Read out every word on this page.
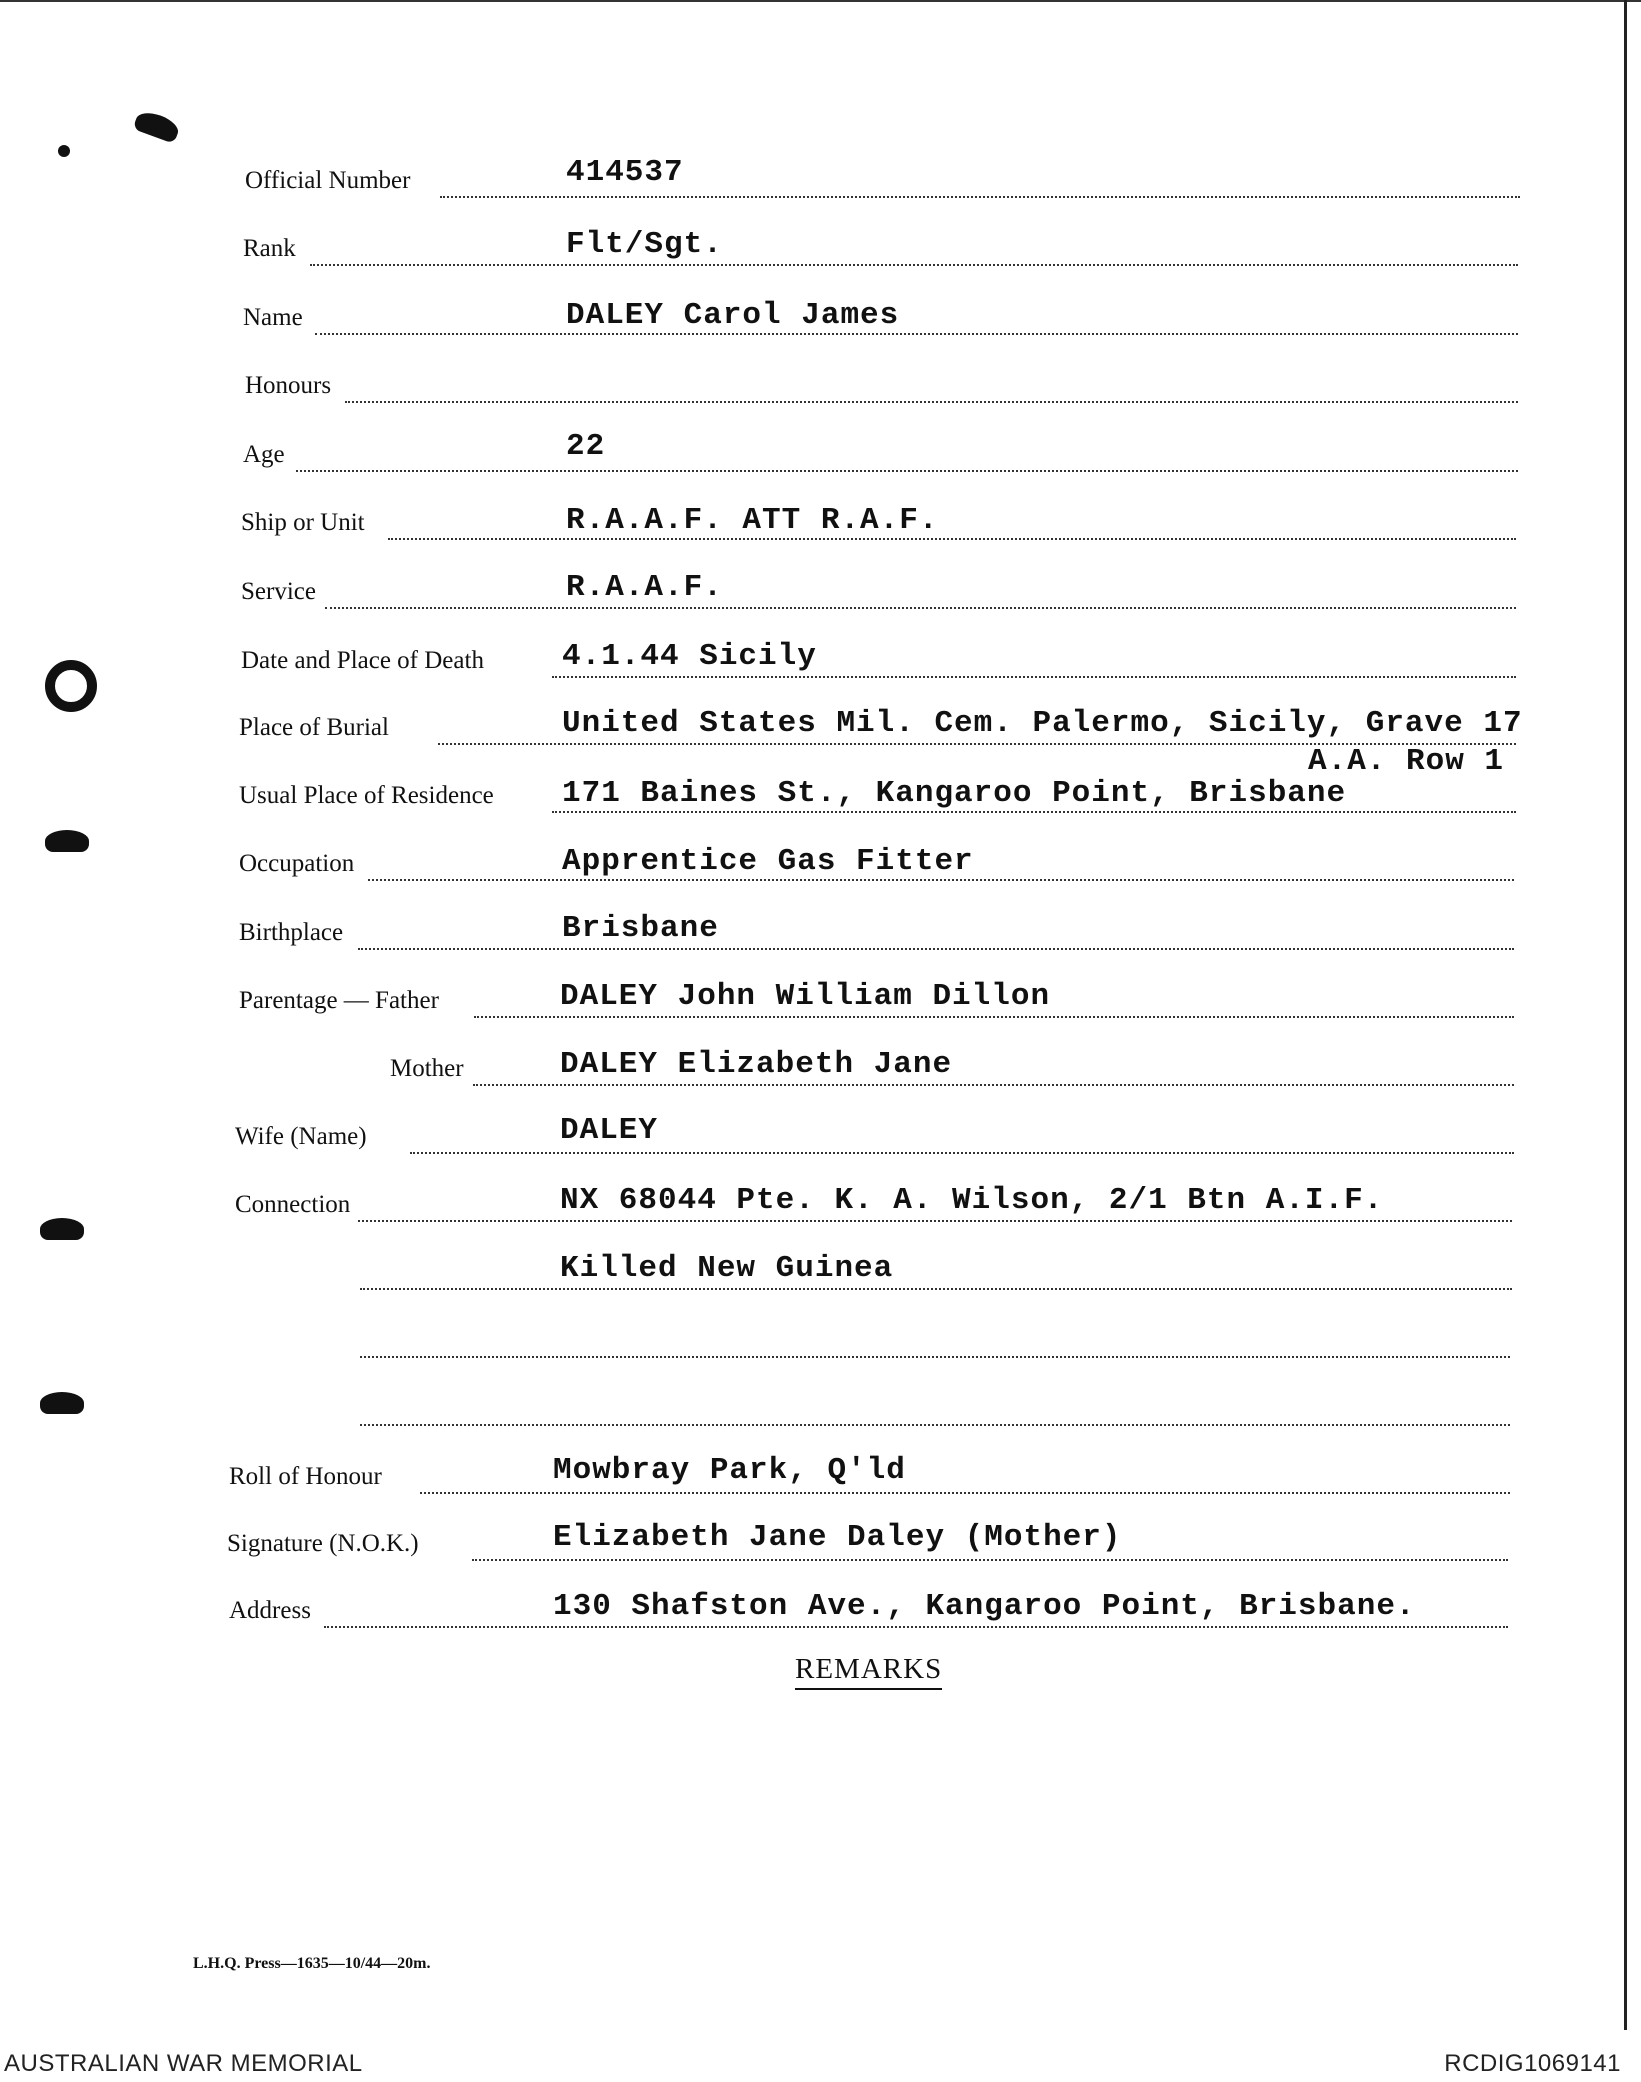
Official Number	414537
Rank	Flt/Sgt.
Name	DALEY Carol James
Honours
Age	22
Ship or Unit	R.A.A.F. ATT R.A.F.
Service	R.A.A.F.
Date and Place of Death	4.1.44 Sicily
Place of Burial	United States Mil. Cem. Palermo, Sicily, Grave 17
A.A. Row 1
Usual Place of Residence 171 Baines St., Kangaroo Point, Brisbane
Occupation	Apprentice Gas Fitter
Birthplace	Brisbane
Parentage — Father	DALEY John William Dillon
Mother	DALEY Elizabeth Jane
Wife (Name)	DALEY
Connection	NX 68044 Pte. K. A. Wilson, 2/1 Btn A.I.F.
Killed New Guinea
Roll of Honour	Mowbray Park, Q'ld
Signature (N.O.K.)	Elizabeth Jane Daley (Mother)
Address	130 Shafston Ave., Kangaroo Point, Brisbane.
REMARKS
L.H.Q. Press—1635—10/44—20m.
AUSTRALIAN WAR MEMORIAL	RCDIG1069141
